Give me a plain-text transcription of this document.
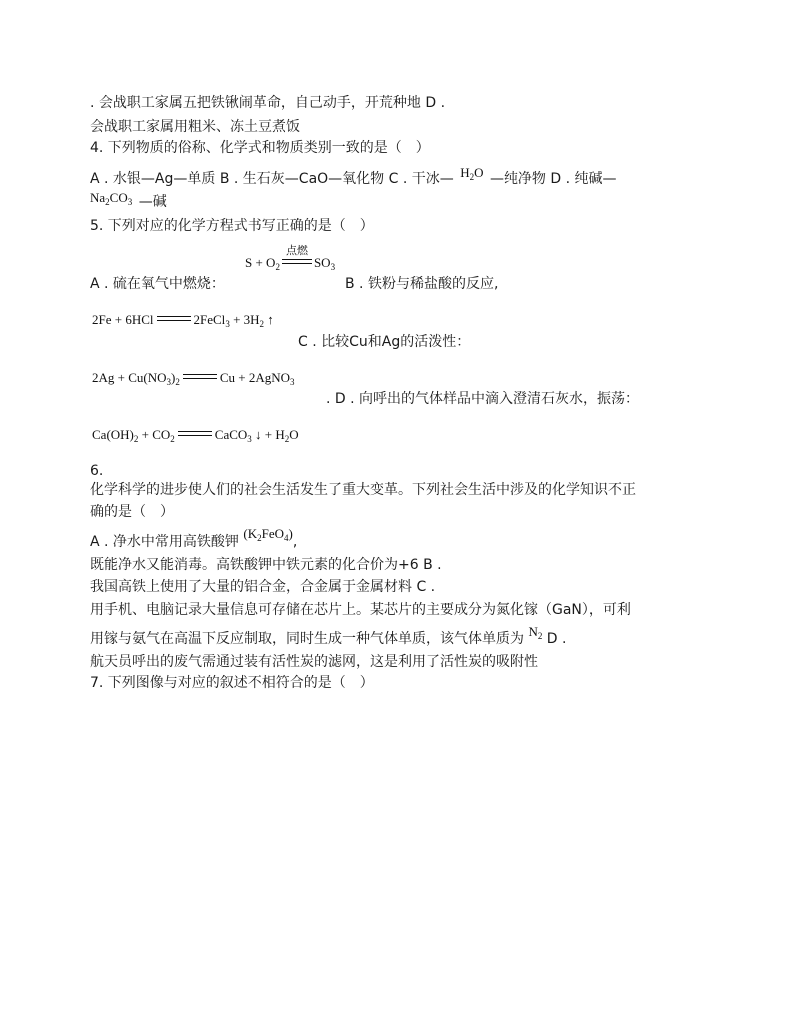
. 会战职工家属五把铁锹闹革命，自己动手，开荒种地 D .
会战职工家属用粗米、冻土豆煮饭
4. 下列物质的俗称、化学式和物质类别一致的是（　）
A . 水银—Ag—单质 B . 生石灰—CaO—氧化物 C . 干冰— $H_2O$ —纯净物 D . 纯碱—
$Na_2CO_3$ —碱
5. 下列对应的化学方程式书写正确的是（　）
$S + O_2$
点燃
$SO_3$
A . 硫在氧气中燃烧：	B . 铁粉与稀盐酸的反应,
2Fe + 6HCl	2FeCl$_3$ + $3H_2$ ↑
C . 比较Cu和Ag的活泼性：
$2Ag + Cu(NO_3)_2$	Cu + 2AgNO$_3$
. D . 向呼出的气体样品中滴入澄清石灰水，振荡：
$Ca(OH)_2 + CO_2$	CaCO$_3$ ↓ + $H_2O$
6.
化学科学的进步使人们的社会生活发生了重大变革。下列社会生活中涉及的化学知识不正
确的是（　）
A . 净水中常用高铁酸钾 $(K_2FeO_4)$,
既能净水又能消毒。高铁酸钾中铁元素的化合价为+6 B .
我国高铁上使用了大量的铝合金，合金属于金属材料 C .
用手机、电脑记录大量信息可存储在芯片上。某芯片的主要成分为氮化镓（GaN），可利
用镓与氨气在高温下反应制取，同时生成一种气体单质，该气体单质为 $N_2$ D .
航天员呼出的废气需通过装有活性炭的滤网，这是利用了活性炭的吸附性
7. 下列图像与对应的叙述不相符合的是（　）
